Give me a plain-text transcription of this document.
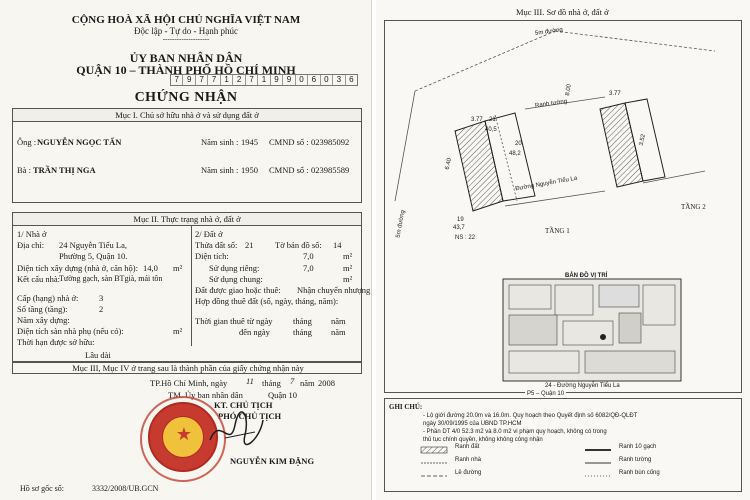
CỘNG HOÀ XÃ HỘI CHỦ NGHĨA VIỆT NAM
Độc lập - Tự do - Hạnh phúc
--------------------
ỦY BAN NHÂN DÂN
QUẬN 10 – THÀNH PHỐ HỒ CHÍ MINH
7	9	7	7	1	2	7	1	9	9	0	6	0	3	6
CHỨNG NHẬN
Mục I. Chủ sở hữu nhà ở và sử dụng đất ở
Ông : NGUYỄN NGỌC TẤN	Năm sinh : 1945 CMND số : 023985092
Bà : TRẦN THỊ NGA	Năm sinh : 1950 CMND số : 023985589
Mục II. Thực trạng nhà ở, đất ở
1/ Nhà ở
Địa chỉ: 24 Nguyễn Tiểu La,
Phường 5, Quận 10.
Diện tích xây dựng (nhà ở, căn hộ): 14,0 m²
Kết cấu nhà: Tường gạch, sàn BTgià, mái tôn
Cấp (hạng) nhà ở: 3
Số tầng (tầng):	2
Năm xây dựng:
Diện tích sàn nhà phụ (nếu có):	m²
Thời hạn được sở hữu:
Lâu dài
2/ Đất ở
Thửa đất số: 21	Tờ bản đồ số: 14
Diện tích:	7,0	m²
Sử dụng riêng:	7,0	m²
Sử dụng chung:	m²
Đất được giao hoặc thuê: Nhận chuyển nhượng
Hợp đồng thuê đất (số, ngày, tháng, năm):
Thời gian thuê từ ngày tháng năm
đến ngày	tháng năm
Mục III, Mục IV ở trang sau là thành phần của giấy chứng nhận này
TP.Hồ Chí Minh, ngày 11 tháng 7 năm 2008
TM. Ủy ban nhân dân	Quận 10
KT. CHỦ TỊCH
PHÓ CHỦ TỊCH
★
NGUYỄN KIM ĐẶNG
Hồ sơ gốc số:	3332/2008/UB.GCN
Mục III. Sơ đồ nhà ở, đất ở
5m đường
5m đường
Ranh tường
Đường Nguyễn Tiểu La
21
40,5
20
48,2
19
43,7
NS : 22
3.77
3.77
8.00
6.40
3.52
TẦNG 1
TẦNG 2
BẢN ĐỒ VỊ TRÍ
24 - Đường Nguyễn Tiểu La
P5 – Quận 10
GHI CHÚ:
- Lộ giới đường 20.0m và 16.0m. Quy hoạch theo Quyết định số 6082/QĐ-QLĐT
ngày 30/09/1995 của UBND TP.HCM
- Phần DT 4/0 52.3 m2 và 8.0 m2 vi phạm quy hoạch, không có trong
thủ tục chính quyền, không không công nhận
Ranh đất	Ranh 10 gạch
Ranh nhà	Ranh tường
Lề đường	Ranh bùn cống
